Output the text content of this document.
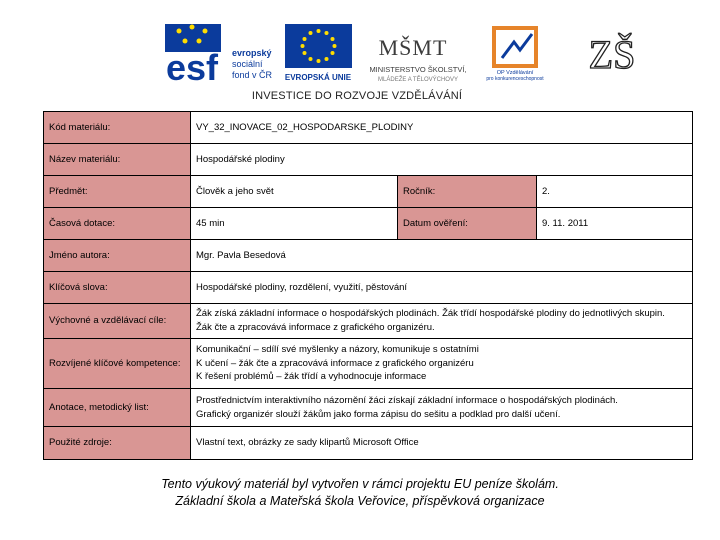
esf evropský
sociální
fond v ČR EVROPSKÁ UNIE
MŠMT
MINISTERSTVO ŠKOLSTVÍ,
MLÁDEŽE A TĚLOVÝCHOVY
OP Vzdělávání
pro konkurenceschopnost
ZŠ
INVESTICE DO ROZVOJE VZDĚLÁVÁNÍ
Kód materiálu:	VY_32_INOVACE_02_HOSPODARSKE_PLODINY		
Název materiálu:	Hospodářské plodiny		
Předmět:	Člověk a jeho svět	Ročník:	2.
Časová dotace:	45 min	Datum ověření:	9. 11. 2011
Jméno autora:	Mgr. Pavla Besedová		
Klíčová slova:	Hospodářské plodiny, rozdělení, využití, pěstování		
Výchovné a vzdělávací cíle:	Žák získá základní informace o hospodářských plodinách. Žák třídí hospodářské plodiny do jednotlivých skupin.
Žák čte a zpracovává informace z grafického organizéru.		

Rozvíjené klíčové kompetence:	Komunikační – sdílí své myšlenky a názory, komunikuje s ostatními
K učení – žák čte a zpracovává informace z grafického organizéru
K řešení problémů – žák třídí a vyhodnocuje informace		

Anotace, metodický list:	Prostřednictvím interaktivního názornění žáci získají základní informace o hospodářských plodinách.
Grafický organizér slouží žákům jako forma zápisu do sešitu a podklad pro další učení.		

Použité zdroje:	Vlastní text, obrázky ze sady klipartů Microsoft Office		
Tento výukový materiál byl vytvořen v rámci projektu EU peníze školám.
Základní škola a Mateřská škola Veřovice, příspěvková organizace
